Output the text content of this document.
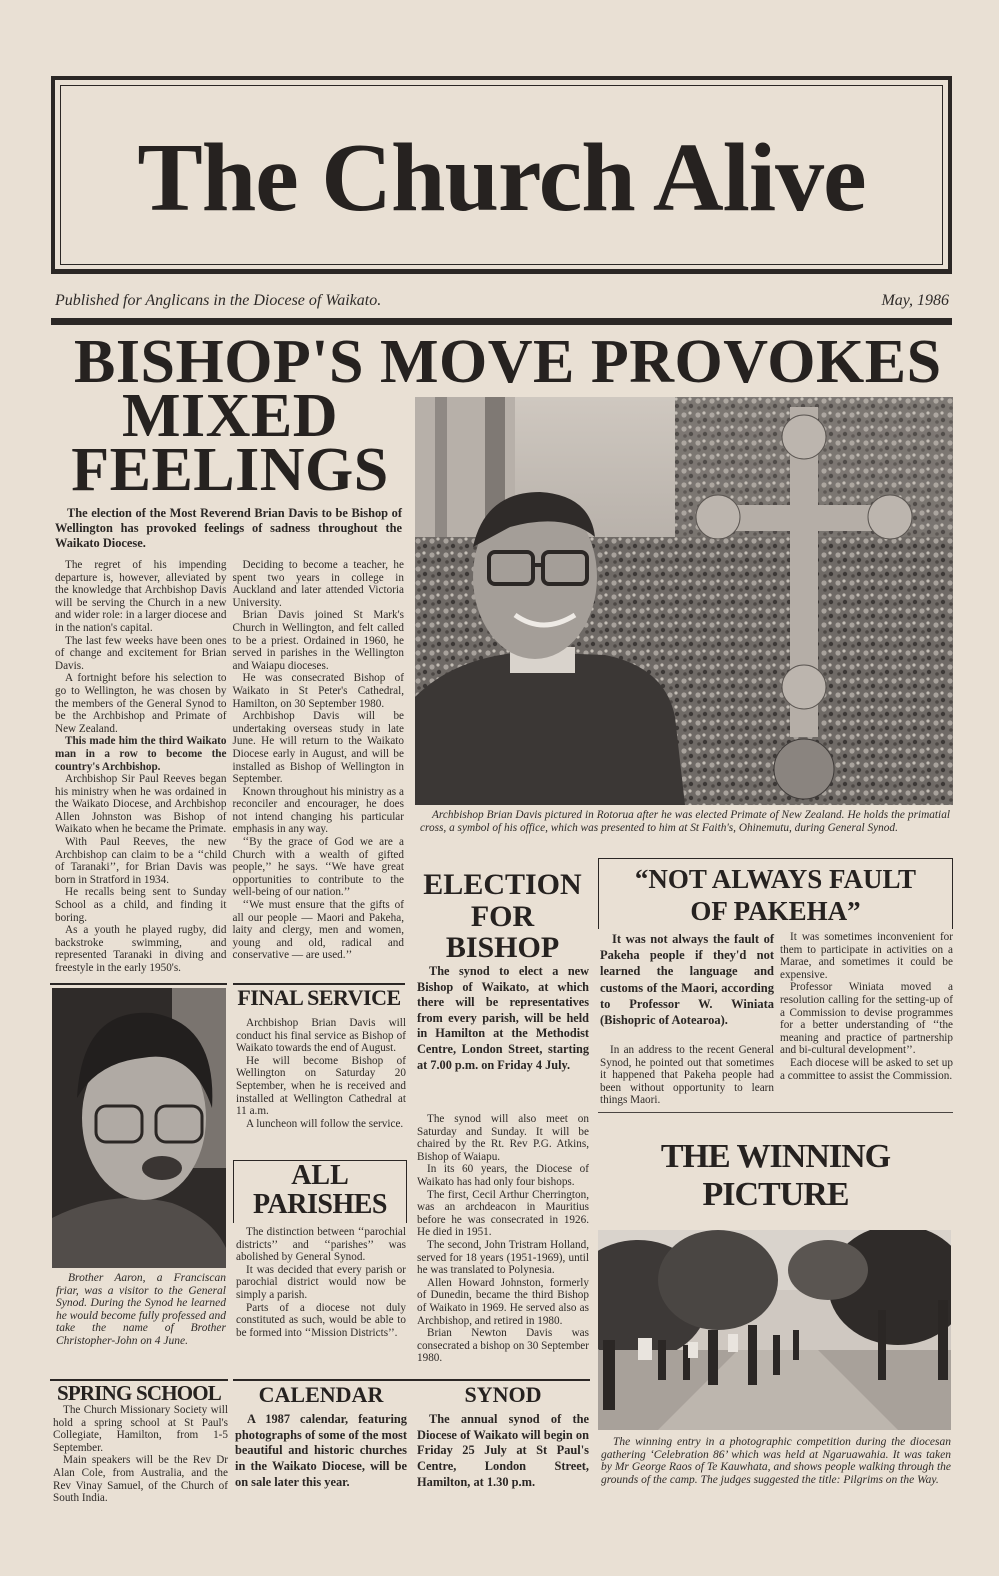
The Church Alive
Published for Anglicans in the Diocese of Waikato.	May, 1986
BISHOP'S MOVE PROVOKES
MIXED
FEELINGS

The election of the Most Reverend Brian Davis to be Bishop of Wellington has provoked feelings of sadness throughout the Waikato Diocese.

The regret of his impending departure is, however, alleviated by the knowledge that Archbishop Davis will be serving the Church in a new and wider role: in a larger diocese and in the nation's capital.

The last few weeks have been ones of change and excitement for Brian Davis.

A fortnight before his selection to go to Wellington, he was chosen by the members of the General Synod to be the Archbishop and Primate of New Zealand.

This made him the third Waikato man in a row to become the country's Archbishop.

Archbishop Sir Paul Reeves began his ministry when he was ordained in the Waikato Diocese, and Archbishop Allen Johnston was Bishop of Waikato when he became the Primate.

With Paul Reeves, the new Archbishop can claim to be a ‘‘child of Taranaki’’, for Brian Davis was born in Stratford in 1934.

He recalls being sent to Sunday School as a child, and finding it boring.

As a youth he played rugby, did backstroke swimming, and represented Taranaki in diving and freestyle in the early 1950's.

Deciding to become a teacher, he spent two years in college in Auckland and later attended Victoria University.

Brian Davis joined St Mark's Church in Wellington, and felt called to be a priest. Ordained in 1960, he served in parishes in the Wellington and Waiapu dioceses.

He was consecrated Bishop of Waikato in St Peter's Cathedral, Hamilton, on 30 September 1980.

Archbishop Davis will be undertaking overseas study in late June. He will return to the Waikato Diocese early in August, and will be installed as Bishop of Wellington in September.

Known throughout his ministry as a reconciler and encourager, he does not intend changing his particular emphasis in any way.

‘‘By the grace of God we are a Church with a wealth of gifted people,’’ he says. ‘‘We have great opportunities to contribute to the well-being of our nation.’’

‘‘We must ensure that the gifts of all our people — Maori and Pakeha, laity and clergy, men and women, young and old, radical and conservative — are used.’’

Archbishop Brian Davis pictured in Rotorua after he was elected Primate of New Zealand. He holds the primatial cross, a symbol of his office, which was presented to him at St Faith's, Ohinemutu, during General Synod.

Brother Aaron, a Franciscan friar, was a visitor to the General Synod. During the Synod he learned he would become fully professed and take the name of Brother Christopher-John on 4 June.

FINAL SERVICE

Archbishop Brian Davis will conduct his final service as Bishop of Waikato towards the end of August.

He will become Bishop of Wellington on Saturday 20 September, when he is received and installed at Wellington Cathedral at 11 a.m.

A luncheon will follow the service.

ALL
PARISHES

The distinction between ‘‘parochial districts’’ and ‘‘parishes’’ was abolished by General Synod.

It was decided that every parish or parochial district would now be simply a parish.

Parts of a diocese not duly constituted as such, would be able to be formed into ‘‘Mission Districts’’.

ELECTION
FOR
BISHOP

The synod to elect a new Bishop of Waikato, at which there will be representatives from every parish, will be held in Hamilton at the Methodist Centre, London Street, starting at 7.00 p.m. on Friday 4 July.

The synod will also meet on Saturday and Sunday. It will be chaired by the Rt. Rev P.G. Atkins, Bishop of Waiapu.

In its 60 years, the Diocese of Waikato has had only four bishops.

The first, Cecil Arthur Cherrington, was an archdeacon in Mauritius before he was consecrated in 1926. He died in 1951.

The second, John Tristram Holland, served for 18 years (1951-1969), until he was translated to Polynesia.

Allen Howard Johnston, formerly of Dunedin, became the third Bishop of Waikato in 1969. He served also as Archbishop, and retired in 1980.

Brian Newton Davis was consecrated a bishop on 30 September 1980.

“NOT ALWAYS FAULT
OF PAKEHA”

It was not always the fault of Pakeha people if they'd not learned the language and customs of the Maori, according to Professor W. Winiata (Bishopric of Aotearoa).

In an address to the recent General Synod, he pointed out that sometimes it happened that Pakeha people had been without opportunity to learn things Maori.

It was sometimes inconvenient for them to participate in activities on a Marae, and sometimes it could be expensive.

Professor Winiata moved a resolution calling for the setting-up of a Commission to devise programmes for a better understanding of ‘‘the meaning and practice of partnership and bi-cultural development’’.

Each diocese will be asked to set up a committee to assist the Commission.

THE WINNING
PICTURE

The winning entry in a photographic competition during the diocesan gathering ‘Celebration 86’ which was held at Ngaruawahia. It was taken by Mr George Raos of Te Kauwhata, and shows people walking through the grounds of the camp. The judges suggested the title: Pilgrims on the Way.

SPRING SCHOOL

The Church Missionary Society will hold a spring school at St Paul's Collegiate, Hamilton, from 1-5 September.

Main speakers will be the Rev Dr Alan Cole, from Australia, and the Rev Vinay Samuel, of the Church of South India.

CALENDAR

A 1987 calendar, featuring photographs of some of the most beautiful and historic churches in the Waikato Diocese, will be on sale later this year.

SYNOD

The annual synod of the Diocese of Waikato will begin on Friday 25 July at St Paul's Centre, London Street, Hamilton, at 1.30 p.m.
